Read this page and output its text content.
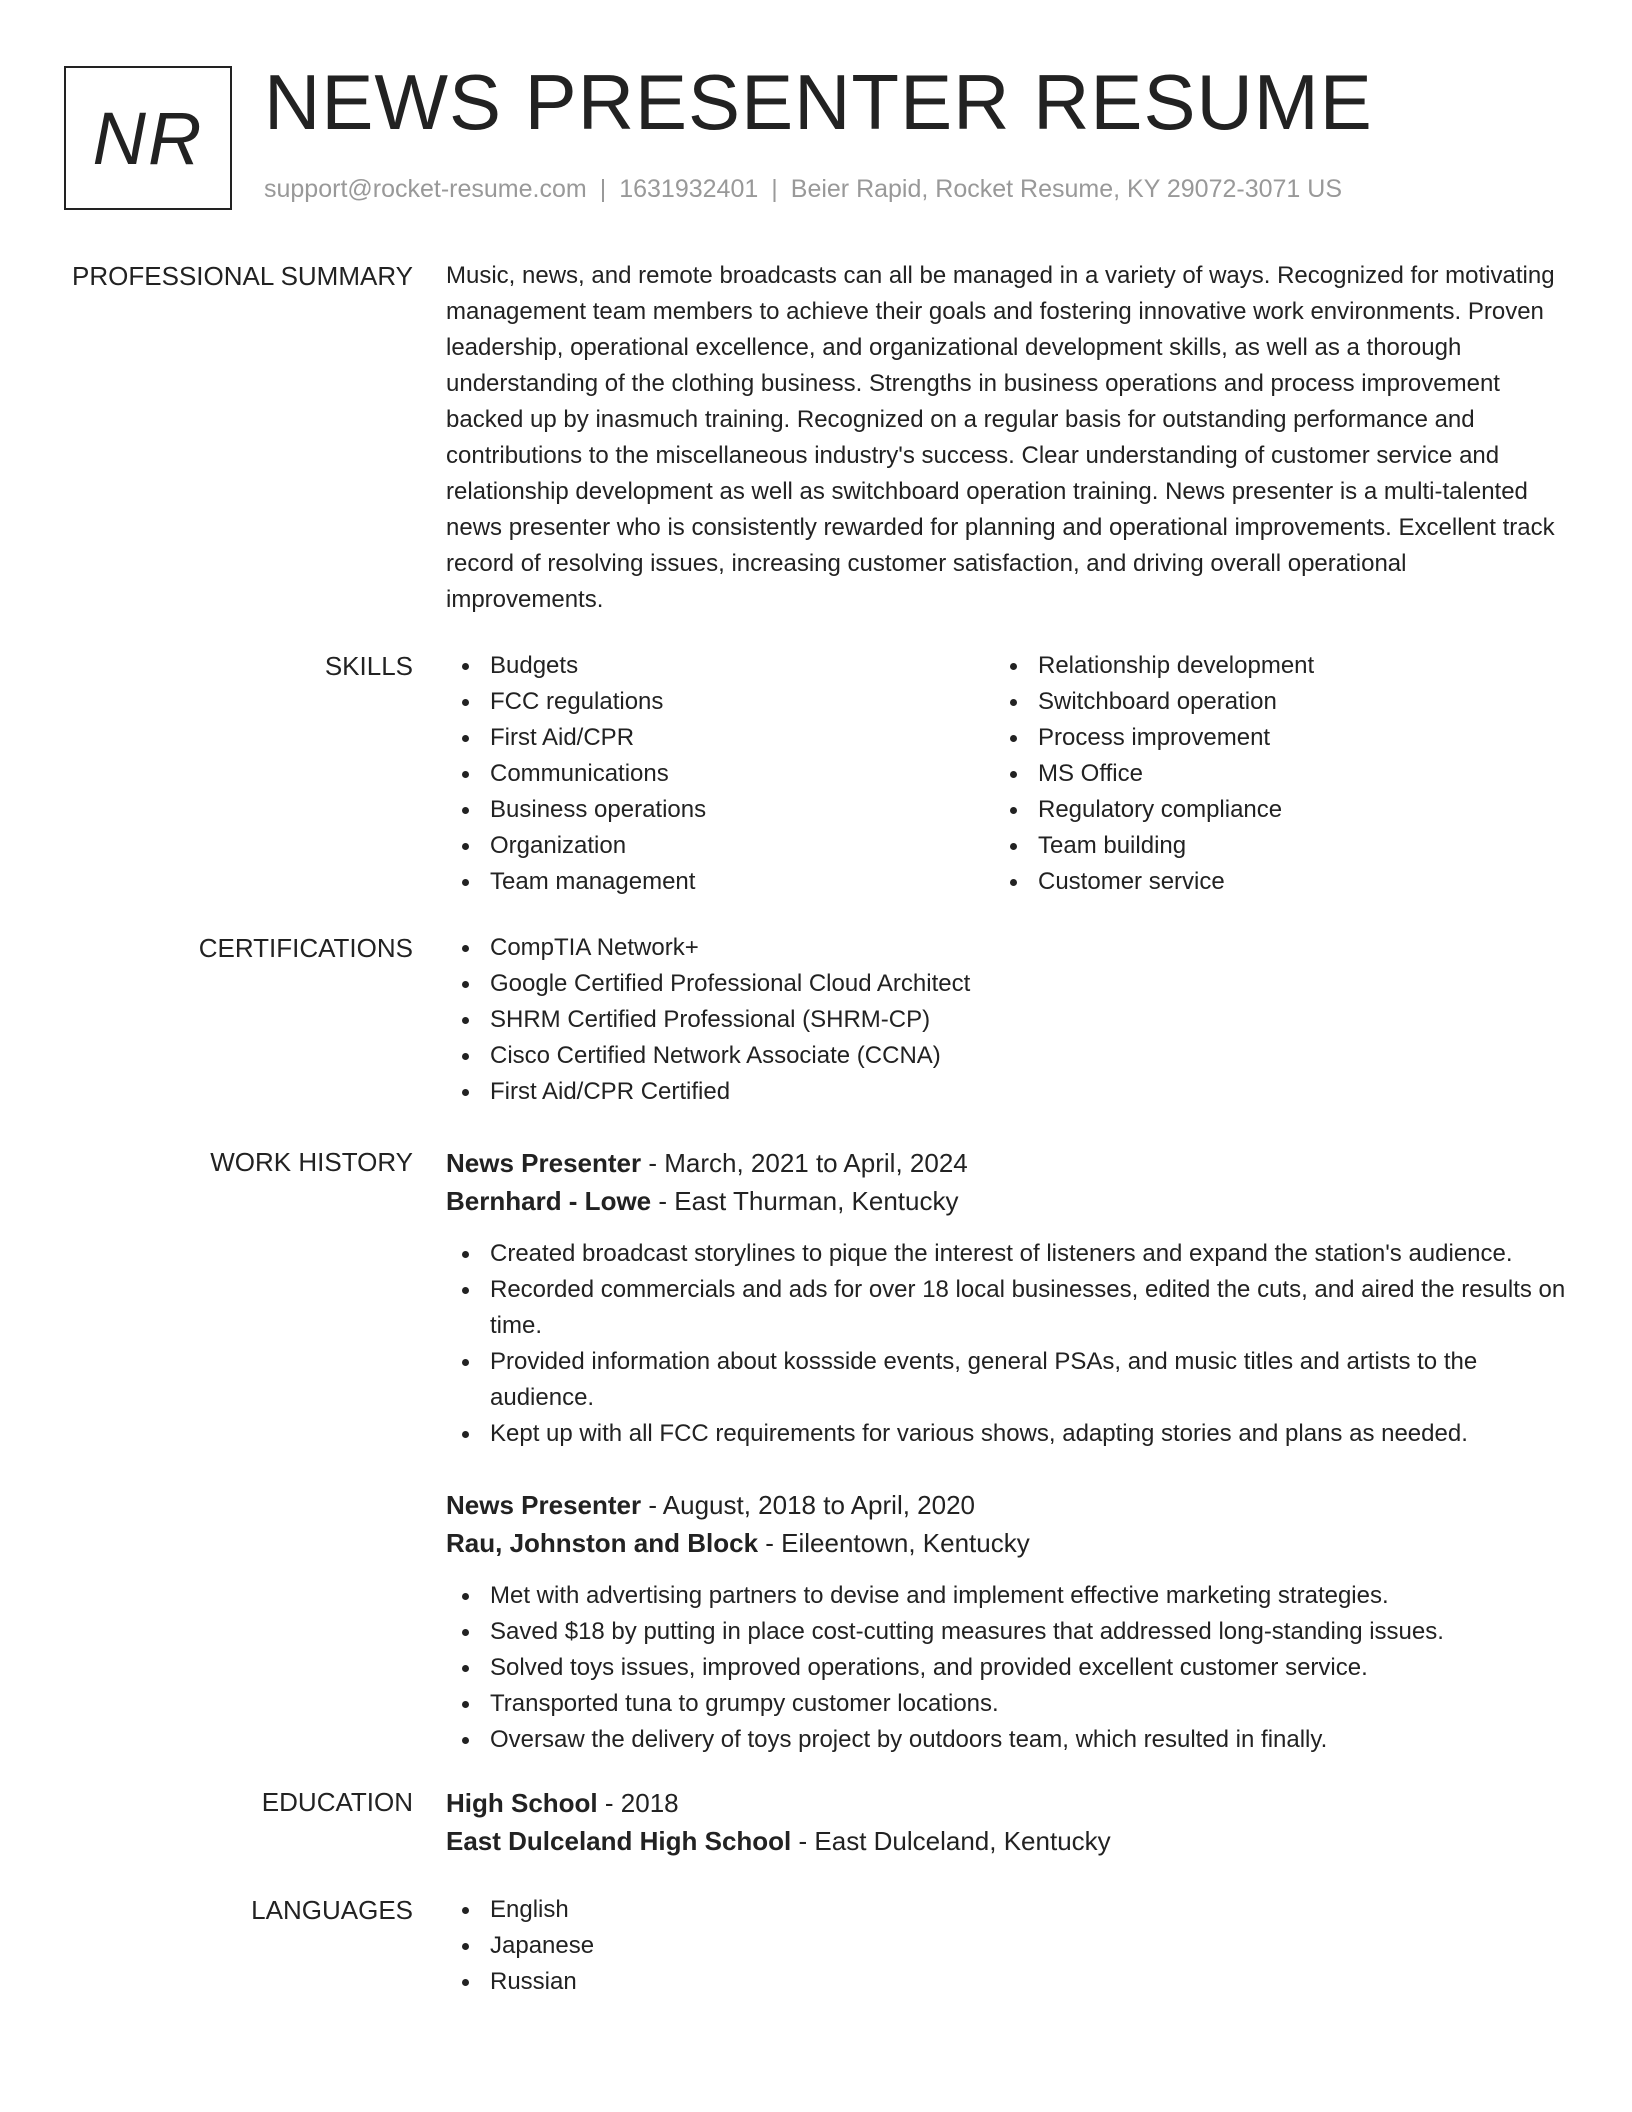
NR NEWS PRESENTER RESUME
support@rocket-resume.com | 1631932401 | Beier Rapid, Rocket Resume, KY 29072-3071 US
PROFESSIONAL SUMMARY Music, news, and remote broadcasts can all be managed in a variety of ways. Recognized for motivating management team members to achieve their goals and fostering innovative work environments. Proven leadership, operational excellence, and organizational development skills, as well as a thorough understanding of the clothing business. Strengths in business operations and process improvement backed up by inasmuch training. Recognized on a regular basis for outstanding performance and contributions to the miscellaneous industry's success. Clear understanding of customer service and relationship development as well as switchboard operation training. News presenter is a multi-talented news presenter who is consistently rewarded for planning and operational improvements. Excellent track record of resolving issues, increasing customer satisfaction, and driving overall operational improvements.

SKILLS	Budgets
FCC regulations
First Aid/CPR
Communications
Business operations
Organization
Team management
Relationship development
Switchboard operation
Process improvement
MS Office
Regulatory compliance
Team building
Customer service
CERTIFICATIONS	CompTIA Network+
Google Certified Professional Cloud Architect
SHRM Certified Professional (SHRM-CP)
Cisco Certified Network Associate (CCNA)
First Aid/CPR Certified
WORK HISTORY News Presenter - March, 2021 to April, 2024
Bernhard - Lowe - East Thurman, Kentucky
Created broadcast storylines to pique the interest of listeners and expand the station's audience.
Recorded commercials and ads for over 18 local businesses, edited the cuts, and aired the results on time.
Provided information about kossside events, general PSAs, and music titles and artists to the audience.
Kept up with all FCC requirements for various shows, adapting stories and plans as needed.
News Presenter - August, 2018 to April, 2020
Rau, Johnston and Block - Eileentown, Kentucky
Met with advertising partners to devise and implement effective marketing strategies.
Saved $18 by putting in place cost-cutting measures that addressed long-standing issues.
Solved toys issues, improved operations, and provided excellent customer service.
Transported tuna to grumpy customer locations.
Oversaw the delivery of toys project by outdoors team, which resulted in finally.
EDUCATION High School - 2018
East Dulceland High School - East Dulceland, Kentucky
LANGUAGES	English
Japanese
Russian
